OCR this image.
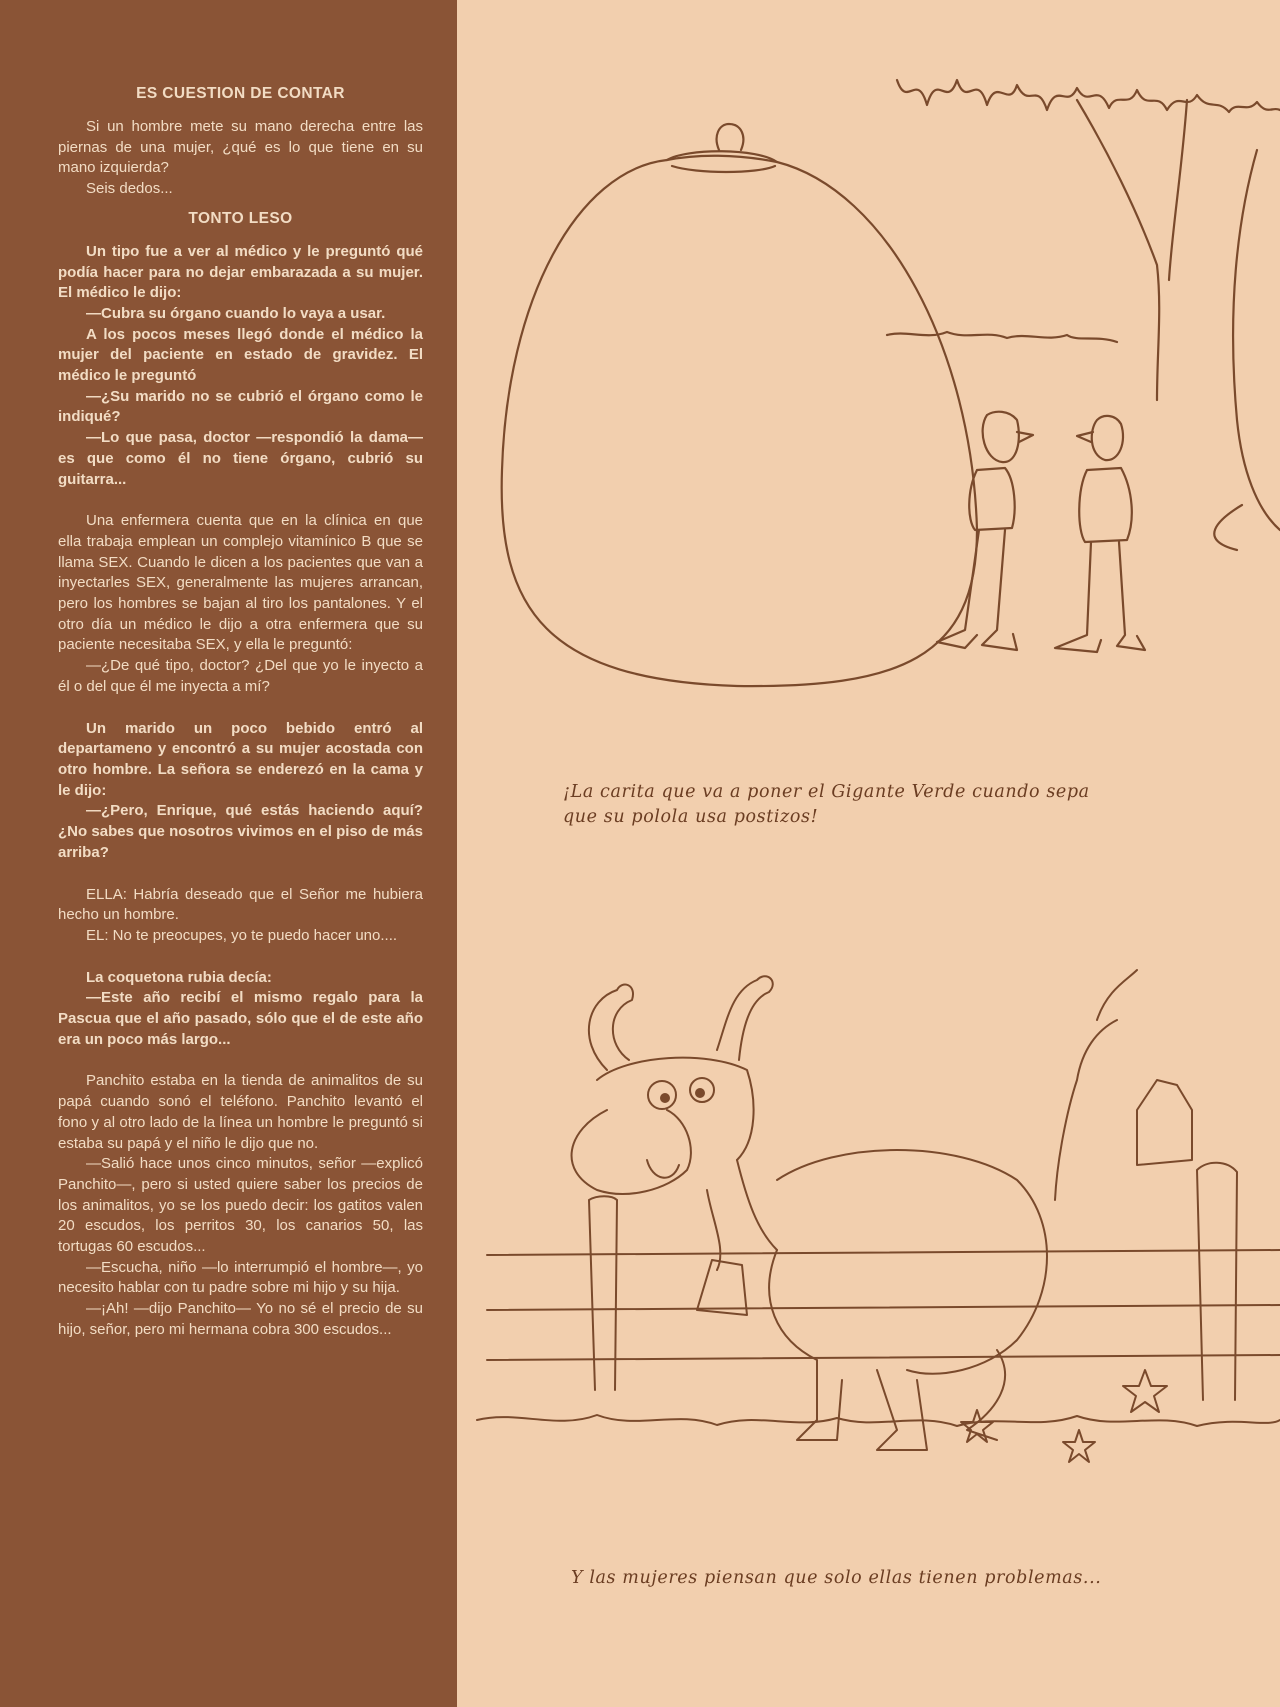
ES CUESTION DE CONTAR

Si un hombre mete su mano derecha entre las piernas de una mujer, ¿qué es lo que tiene en su mano izquierda?

Seis dedos...

TONTO LESO

Un tipo fue a ver al médico y le preguntó qué podía hacer para no dejar embarazada a su mujer. El médico le dijo:

—Cubra su órgano cuando lo vaya a usar.

A los pocos meses llegó donde el médico la mujer del paciente en estado de gravidez. El médico le preguntó

—¿Su marido no se cubrió el órgano como le indiqué?

—Lo que pasa, doctor —respondió la dama— es que como él no tiene órgano, cubrió su guitarra...

Una enfermera cuenta que en la clínica en que ella trabaja emplean un complejo vitamínico B que se llama SEX. Cuando le dicen a los pacientes que van a inyectarles SEX, generalmente las mujeres arrancan, pero los hombres se bajan al tiro los pantalones. Y el otro día un médico le dijo a otra enfermera que su paciente necesitaba SEX, y ella le preguntó:

—¿De qué tipo, doctor? ¿Del que yo le inyecto a él o del que él me inyecta a mí?

Un marido un poco bebido entró al departameno y encontró a su mujer acostada con otro hombre. La señora se enderezó en la cama y le dijo:

—¿Pero, Enrique, qué estás haciendo aquí? ¿No sabes que nosotros vivimos en el piso de más arriba?

ELLA: Habría deseado que el Señor me hubiera hecho un hombre.

EL: No te preocupes, yo te puedo hacer uno....

La coquetona rubia decía:

—Este año recibí el mismo regalo para la Pascua que el año pasado, sólo que el de este año era un poco más largo...

Panchito estaba en la tienda de animalitos de su papá cuando sonó el teléfono. Panchito levantó el fono y al otro lado de la línea un hombre le preguntó si estaba su papá y el niño le dijo que no.

—Salió hace unos cinco minutos, señor —explicó Panchito—, pero si usted quiere saber los precios de los animalitos, yo se los puedo decir: los gatitos valen 20 escudos, los perritos 30, los canarios 50, las tortugas 60 escudos...

—Escucha, niño —lo interrumpió el hombre—, yo necesito hablar con tu padre sobre mi hijo y su hija.

—¡Ah! —dijo Panchito— Yo no sé el precio de su hijo, señor, pero mi hermana cobra 300 escudos...

¡La carita que va a poner el Gigante Verde cuando sepa
que su polola usa postizos!
Y las mujeres piensan que solo ellas tienen problemas...
